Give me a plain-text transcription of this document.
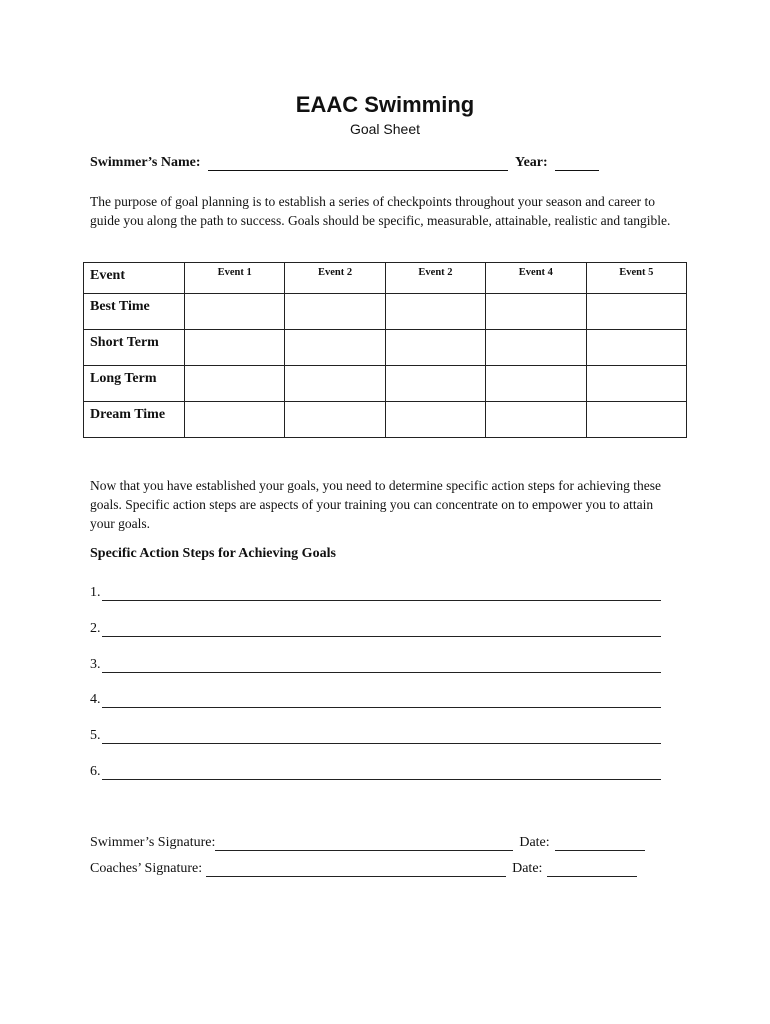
EAAC Swimming
Goal Sheet
Swimmer’s Name:	Year:
The purpose of goal planning is to establish a series of checkpoints throughout your season and career to guide you along the path to success. Goals should be specific, measurable, attainable, realistic and tangible.
Event	Event 1	Event 2	Event 2	Event 4	Event 5

Best Time					

Short Term					

Long Term					

Dream Time					

Now that you have established your goals, you need to determine specific action steps for achieving these goals. Specific action steps are aspects of your training you can concentrate on to empower you to attain your goals.
Specific Action Steps for Achieving Goals
1.
2.
3.
4.
5.
6.
Swimmer’s Signature:	Date:
Coaches’ Signature:	Date:
